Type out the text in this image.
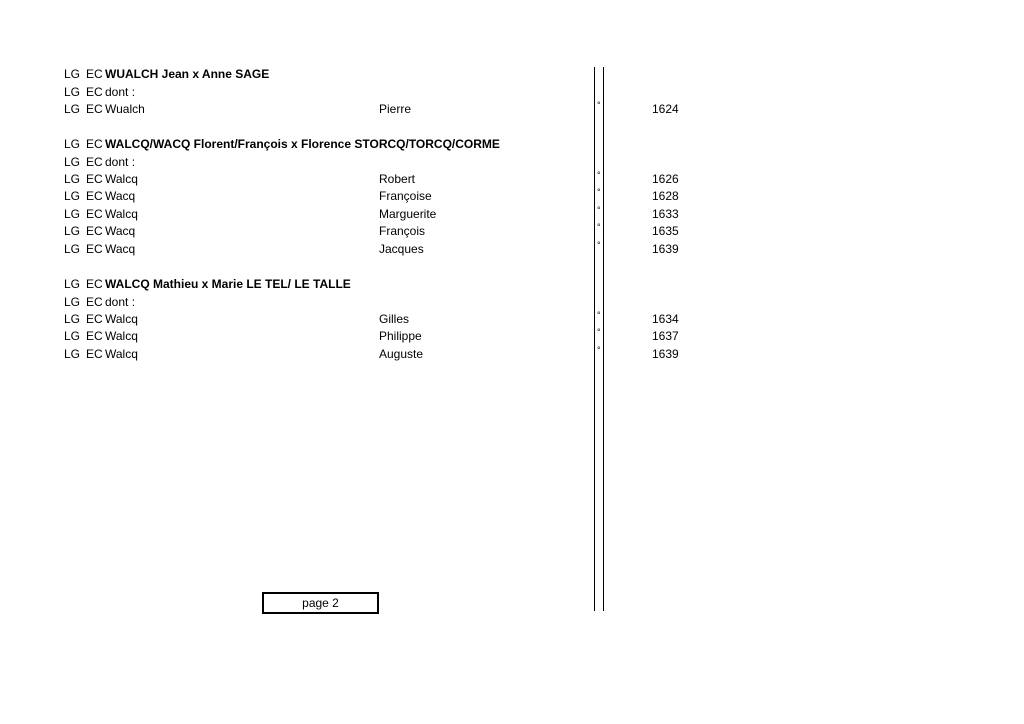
LG EC WUALCH Jean x Anne SAGE
LG EC dont :
LG EC Wualch	Pierre	°	1624
LG EC WALCQ/WACQ Florent/François x Florence STORCQ/TORCQ/CORME
LG EC dont :
LG EC Walcq	Robert	°	1626
LG EC Wacq	Françoise	°	1628
LG EC Walcq	Marguerite	°	1633
LG EC Wacq	François	°	1635
LG EC Wacq	Jacques	°	1639
LG EC WALCQ Mathieu x Marie LE TEL/ LE TALLE
LG EC dont :
LG EC Walcq	Gilles	°	1634
LG EC Walcq	Philippe	°	1637
LG EC Walcq	Auguste	°	1639
page 2
